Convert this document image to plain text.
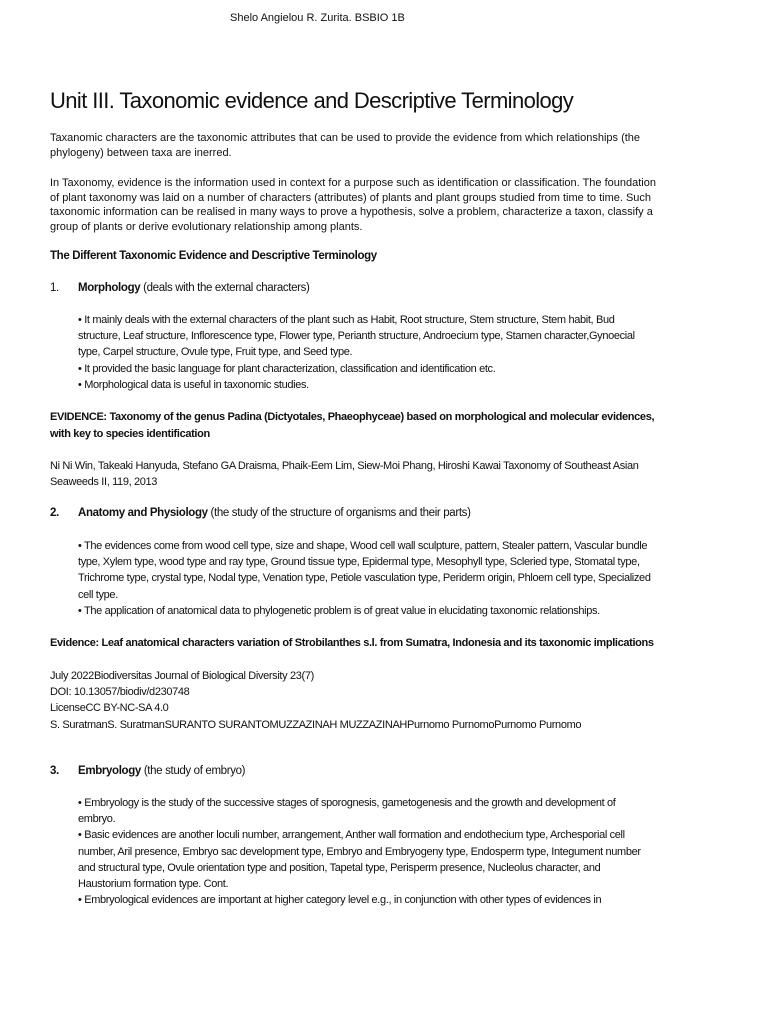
Shelo Angielou R. Zurita. BSBIO 1B

Unit III. Taxonomic evidence and Descriptive Terminology

Taxanomic characters are the taxonomic attributes that can be used to provide the evidence from which relationships (the phylogeny) between taxa are inerred.

In Taxonomy, evidence is the information used in context for a purpose such as identification or classification. The foundation of plant taxonomy was laid on a number of characters (attributes) of plants and plant groups studied from time to time. Such taxonomic information can be realised in many ways to prove a hypothesis, solve a problem, characterize a taxon, classify a group of plants or derive evolutionary relationship among plants.

The Different Taxonomic Evidence and Descriptive Terminology

1. Morphology (deals with the external characters)

• It mainly deals with the external characters of the plant such as Habit, Root structure, Stem structure, Stem habit, Bud structure, Leaf structure, Inflorescence type, Flower type, Perianth structure, Androecium type, Stamen character,Gynoecial type, Carpel structure, Ovule type, Fruit type, and Seed type.

• It provided the basic language for plant characterization, classification and identification etc.

• Morphological data is useful in taxonomic studies.

EVIDENCE: Taxonomy of the genus Padina (Dictyotales, Phaeophyceae) based on morphological and molecular evidences, with key to species identification

Ni Ni Win, Takeaki Hanyuda, Stefano GA Draisma, Phaik-Eem Lim, Siew-Moi Phang, Hiroshi Kawai Taxonomy of Southeast Asian Seaweeds II, 119, 2013

2. Anatomy and Physiology (the study of the structure of organisms and their parts)

• The evidences come from wood cell type, size and shape, Wood cell wall sculpture, pattern, Stealer pattern, Vascular bundle type, Xylem type, wood type and ray type, Ground tissue type, Epidermal type, Mesophyll type, Scleried type, Stomatal type, Trichrome type, crystal type, Nodal type, Venation type, Petiole vasculation type, Periderm origin, Phloem cell type, Specialized cell type.

• The application of anatomical data to phylogenetic problem is of great value in elucidating taxonomic relationships.

Evidence: Leaf anatomical characters variation of Strobilanthes s.l. from Sumatra, Indonesia and its taxonomic implications

July 2022Biodiversitas Journal of Biological Diversity 23(7)

DOI: 10.13057/biodiv/d230748

LicenseCC BY-NC-SA 4.0

S. SuratmanS. SuratmanSURANTO SURANTOMUZZAZINAH MUZZAZINAHPurnomo PurnomoPurnomo Purnomo

3. Embryology (the study of embryo)

• Embryology is the study of the successive stages of sporognesis, gametogenesis and the growth and development of embryo.

• Basic evidences are another loculi number, arrangement, Anther wall formation and endothecium type, Archesporial cell number, Aril presence, Embryo sac development type, Embryo and Embryogeny type, Endosperm type, Integument number and structural type, Ovule orientation type and position, Tapetal type, Perisperm presence, Nucleolus character, and Haustorium formation type. Cont.

• Embryological evidences are important at higher category level e.g., in conjunction with other types of evidences in
